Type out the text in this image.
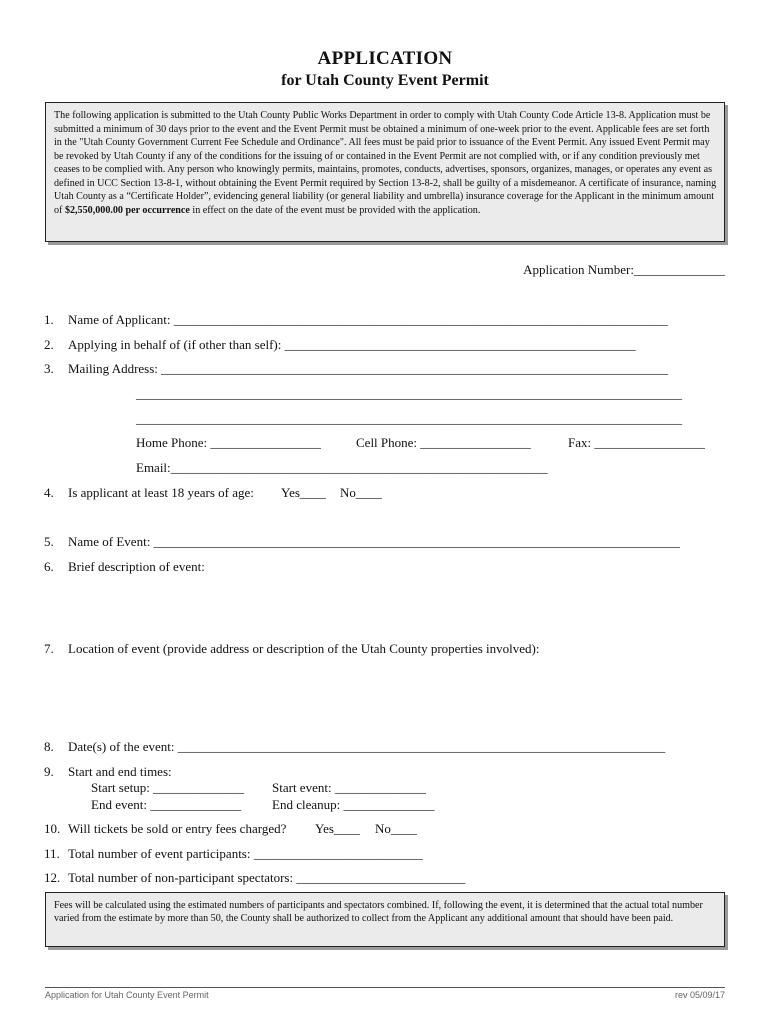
APPLICATION
for Utah County Event Permit
The following application is submitted to the Utah County Public Works Department in order to comply with Utah County Code Article 13-8. Application must be submitted a minimum of 30 days prior to the event and the Event Permit must be obtained a minimum of one-week prior to the event. Applicable fees are set forth in the "Utah County Government Current Fee Schedule and Ordinance". All fees must be paid prior to issuance of the Event Permit. Any issued Event Permit may be revoked by Utah County if any of the conditions for the issuing of or contained in the Event Permit are not complied with, or if any condition previously met ceases to be complied with. Any person who knowingly permits, maintains, promotes, conducts, advertises, sponsors, organizes, manages, or operates any event as defined in UCC Section 13-8-1, without obtaining the Event Permit required by Section 13-8-2, shall be guilty of a misdemeanor. A certificate of insurance, naming Utah County as a “Certificate Holder”, evidencing general liability (or general liability and umbrella) insurance coverage for the Applicant in the minimum amount of $2,550,000.00 per occurrence in effect on the date of the event must be provided with the application.
Application Number:______________
1. Name of Applicant: ____________________________________________________________________________
2. Applying in behalf of (if other than self): ______________________________________________________
3. Mailing Address: ______________________________________________________________________________
____________________________________________________________________________________
____________________________________________________________________________________
Home Phone: _________________	Cell Phone: _________________	Fax: _________________
Email:__________________________________________________________
4. Is applicant at least 18 years of age: Yes____ No____
5. Name of Event: _________________________________________________________________________________
6. Brief description of event:
7. Location of event (provide address or description of the Utah County properties involved):
8. Date(s) of the event: ___________________________________________________________________________
9. Start and end times:
Start setup: ______________ Start event: ______________
End event: ______________ End cleanup: ______________
10. Will tickets be sold or entry fees charged? Yes____ No____
11. Total number of event participants: __________________________
12. Total number of non-participant spectators: __________________________
Fees will be calculated using the estimated numbers of participants and spectators combined. If, following the event, it is determined that the actual total number varied from the estimate by more than 50, the County shall be authorized to collect from the Applicant any additional amount that should have been paid.
Application for Utah County Event Permit	rev 05/09/17
